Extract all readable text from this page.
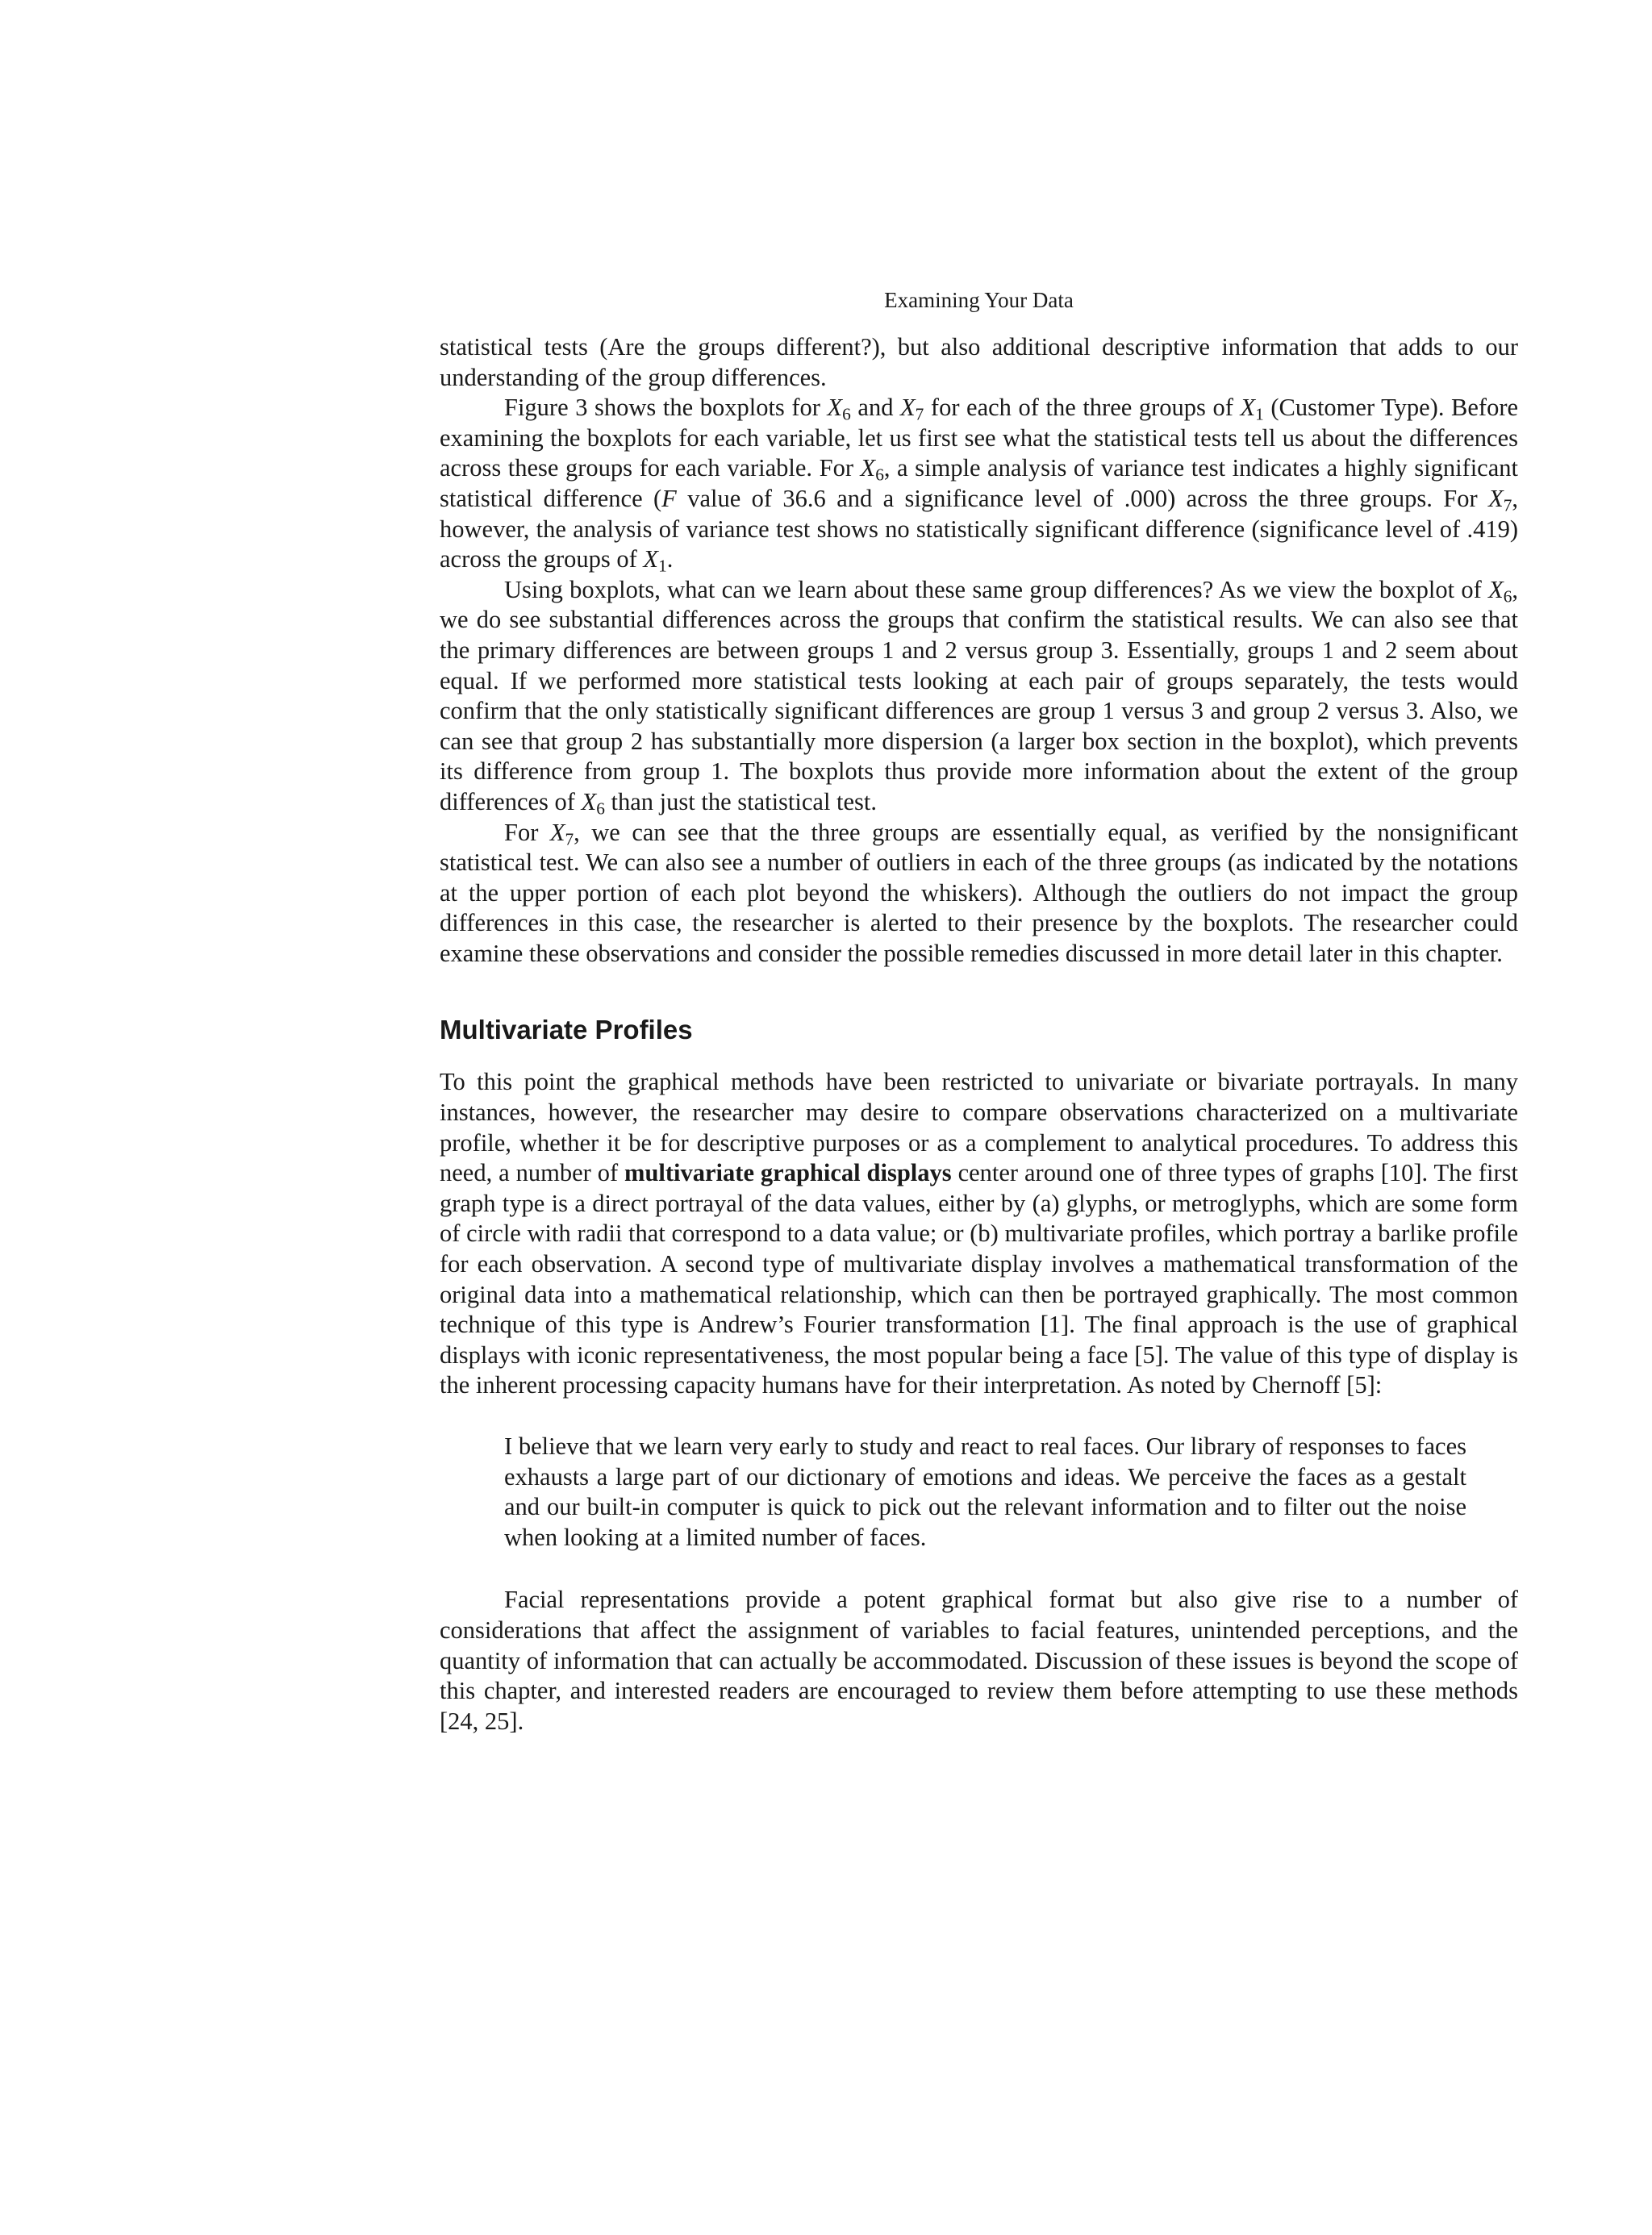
Examining Your Data

statistical tests (Are the groups different?), but also additional descriptive information that adds to our understanding of the group differences.

Figure 3 shows the boxplots for $X_6$ and $X_7$ for each of the three groups of $X_1$ (Customer Type). Before examining the boxplots for each variable, let us first see what the statistical tests tell us about the differences across these groups for each variable. For $X_6$, a simple analysis of variance test indicates a highly significant statistical difference (F value of 36.6 and a significance level of .000) across the three groups. For $X_7$, however, the analysis of variance test shows no statistically significant difference (significance level of .419) across the groups of $X_1$.

Using boxplots, what can we learn about these same group differences? As we view the boxplot of $X_6$, we do see substantial differences across the groups that confirm the statistical results. We can also see that the primary differences are between groups 1 and 2 versus group 3. Essentially, groups 1 and 2 seem about equal. If we performed more statistical tests looking at each pair of groups separately, the tests would confirm that the only statistically significant differences are group 1 versus 3 and group 2 versus 3. Also, we can see that group 2 has substantially more dispersion (a larger box section in the boxplot), which prevents its difference from group 1. The boxplots thus provide more information about the extent of the group differences of $X_6$ than just the statistical test.

For $X_7$, we can see that the three groups are essentially equal, as verified by the nonsignificant statistical test. We can also see a number of outliers in each of the three groups (as indicated by the notations at the upper portion of each plot beyond the whiskers). Although the outliers do not impact the group differences in this case, the researcher is alerted to their presence by the boxplots. The researcher could examine these observations and consider the possible remedies discussed in more detail later in this chapter.

Multivariate Profiles

To this point the graphical methods have been restricted to univariate or bivariate portrayals. In many instances, however, the researcher may desire to compare observations characterized on a multivariate profile, whether it be for descriptive purposes or as a complement to analytical procedures. To address this need, a number of multivariate graphical displays center around one of three types of graphs [10]. The first graph type is a direct portrayal of the data values, either by (a) glyphs, or metroglyphs, which are some form of circle with radii that correspond to a data value; or (b) multivariate profiles, which portray a barlike profile for each observation. A second type of multivariate display involves a mathematical transformation of the original data into a mathematical relationship, which can then be portrayed graphically. The most common technique of this type is Andrew’s Fourier transformation [1]. The final approach is the use of graphical displays with iconic representativeness, the most popular being a face [5]. The value of this type of display is the inherent processing capacity humans have for their interpretation. As noted by Chernoff [5]:

I believe that we learn very early to study and react to real faces. Our library of responses to faces exhausts a large part of our dictionary of emotions and ideas. We perceive the faces as a gestalt and our built-in computer is quick to pick out the relevant information and to filter out the noise when looking at a limited number of faces.

Facial representations provide a potent graphical format but also give rise to a number of considerations that affect the assignment of variables to facial features, unintended perceptions, and the quantity of information that can actually be accommodated. Discussion of these issues is beyond the scope of this chapter, and interested readers are encouraged to review them before attempting to use these methods [24, 25].
